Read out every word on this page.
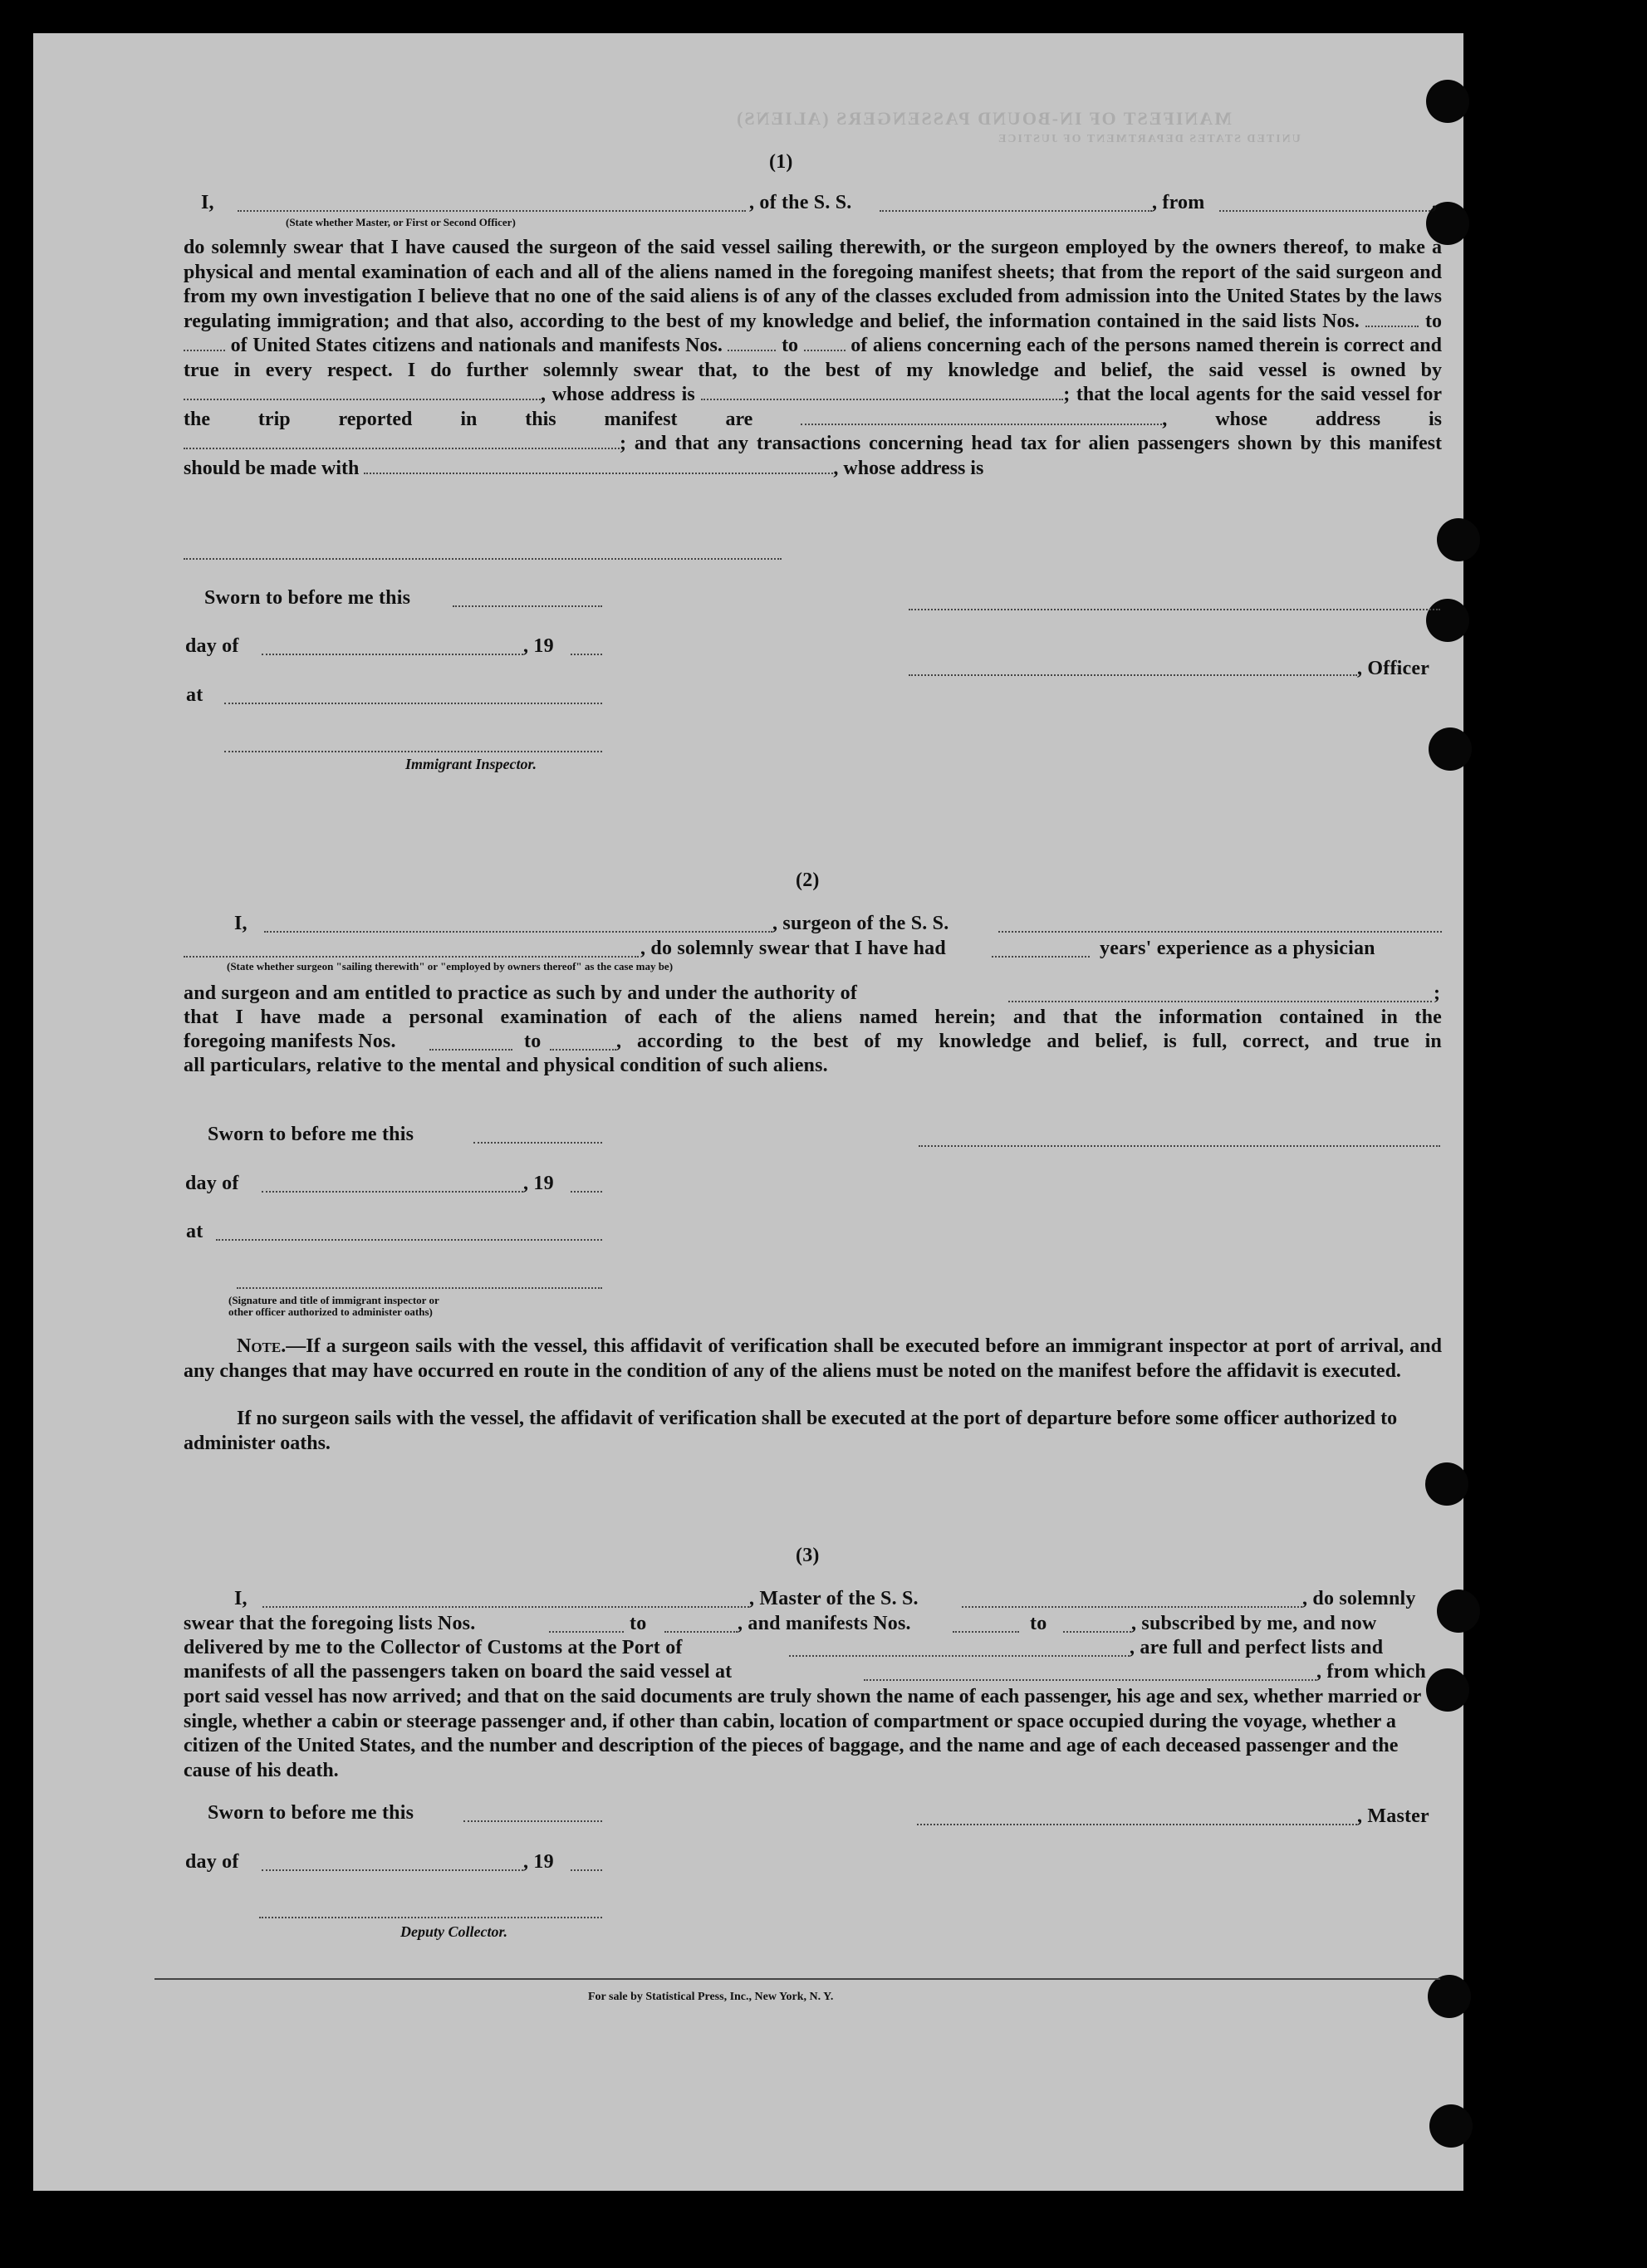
MANIFEST OF IN-BOUND PASSENGERS (ALIENS)
UNITED STATES DEPARTMENT OF JUSTICE
(1)
I,	, of the S. S.	, from	,
(State whether Master, or First or Second Officer)
do solemnly swear that I have caused the surgeon of the said vessel sailing therewith, or the surgeon employed by the owners thereof, to make a physical and mental examination of each and all of the aliens named in the foregoing manifest sheets; that from the report of the said surgeon and from my own investigation I believe that no one of the said aliens is of any of the classes excluded from admission into the United States by the laws regulating immigration; and that also, according to the best of my knowledge and belief, the information contained in the said lists Nos.	to  of United States citizens and nationals and manifests Nos.	to	of aliens concerning each of the persons named therein is correct and true in every respect. I do further solemnly swear that, to the best of my knowledge and belief, the said vessel is owned by , whose address is	; that the local agents for the said vessel for the trip reported in this manifest are	, whose address is ; and that any transactions concerning head tax for alien passengers shown by this manifest should be made with	, whose address is
Sworn to before me this
day of	, 19
, Officer
at
Immigrant Inspector.
(2)
I,	, surgeon of the S. S.
, do solemnly swear that I have had	years' experience as a physician
(State whether surgeon "sailing therewith" or "employed by owners thereof" as the case may be)
and surgeon and am entitled to practice as such by and under the authority of	;
that I have made a personal examination of each of the aliens named herein; and that the information contained in the
foregoing manifests Nos.	to	, according to the best of my knowledge and belief, is full, correct, and true in
all particulars, relative to the mental and physical condition of such aliens.
Sworn to before me this
day of	, 19
at
(Signature and title of immigrant inspector or
other officer authorized to administer oaths)
Note.—If a surgeon sails with the vessel, this affidavit of verification shall be executed before an immigrant inspector at port of arrival, and any changes that may have occurred en route in the condition of any of the aliens must be noted on the manifest before the affidavit is executed.
If no surgeon sails with the vessel, the affidavit of verification shall be executed at the port of departure before some officer authorized to administer oaths.
(3)
I,	, Master of the S. S.	, do solemnly
swear that the foregoing lists Nos.	to	, and manifests Nos.	to	, subscribed by me, and now
delivered by me to the Collector of Customs at the Port of	, are full and perfect lists and
manifests of all the passengers taken on board the said vessel at	, from which
port said vessel has now arrived; and that on the said documents are truly shown the name of each passenger, his age and sex, whether married or single, whether a cabin or steerage passenger and, if other than cabin, location of compartment or space occupied during the voyage, whether a citizen of the United States, and the number and description of the pieces of baggage, and the name and age of each deceased passenger and the cause of his death.
Sworn to before me this	, Master
day of	, 19
Deputy Collector.
For sale by Statistical Press, Inc., New York, N. Y.
